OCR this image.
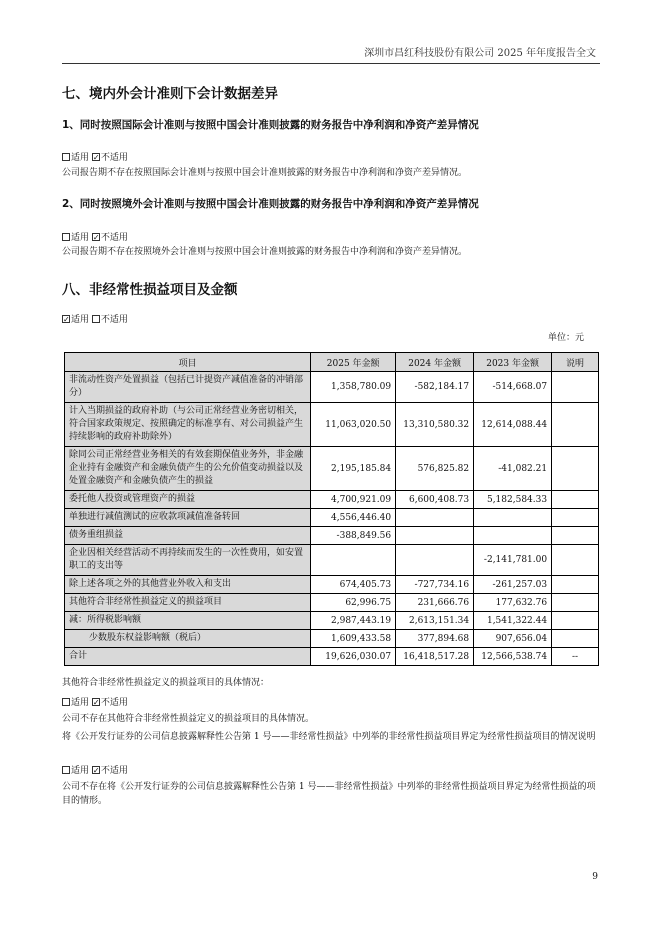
深圳市昌红科技股份有限公司 2025 年年度报告全文
七、境内外会计准则下会计数据差异
1、同时按照国际会计准则与按照中国会计准则披露的财务报告中净利润和净资产差异情况
适用 ✓ 不适用
公司报告期不存在按照国际会计准则与按照中国会计准则披露的财务报告中净利润和净资产差异情况。
2、同时按照境外会计准则与按照中国会计准则披露的财务报告中净利润和净资产差异情况
适用 ✓ 不适用
公司报告期不存在按照境外会计准则与按照中国会计准则披露的财务报告中净利润和净资产差异情况。
八、非经常性损益项目及金额
✓适用 不适用
单位：元
项目	2025 年金额	2024 年金额	2023 年金额	说明
非流动性资产处置损益（包括已计提资产减值准备的冲销部分）	1,358,780.09	-582,184.17	-514,668.07	
计入当期损益的政府补助（与公司正常经营业务密切相关，符合国家政策规定、按照确定的标准享有、对公司损益产生持续影响的政府补助除外）	11,063,020.50	13,310,580.32	12,614,088.44	
除同公司正常经营业务相关的有效套期保值业务外，非金融企业持有金融资产和金融负债产生的公允价值变动损益以及处置金融资产和金融负债产生的损益	2,195,185.84	576,825.82	-41,082.21	
委托他人投资或管理资产的损益	4,700,921.09	6,600,408.73	5,182,584.33	
单独进行减值测试的应收款项减值准备转回	4,556,446.40			
债务重组损益	-388,849.56			
企业因相关经营活动不再持续而发生的一次性费用，如安置职工的支出等			-2,141,781.00	
除上述各项之外的其他营业外收入和支出	674,405.73	-727,734.16	-261,257.03	
其他符合非经常性损益定义的损益项目	62,996.75	231,666.76	177,632.76	
减：所得税影响额	2,987,443.19	2,613,151.34	1,541,322.44	
少数股东权益影响额（税后）	1,609,433.58	377,894.68	907,656.04	
合计	19,626,030.07	16,418,517.28	12,566,538.74	--
其他符合非经常性损益定义的损益项目的具体情况：
适用 ✓ 不适用
公司不存在其他符合非经常性损益定义的损益项目的具体情况。
将《公开发行证券的公司信息披露解释性公告第 1 号——非经常性损益》中列举的非经常性损益项目界定为经常性损益项目的情况说明
适用 ✓ 不适用
公司不存在将《公开发行证券的公司信息披露解释性公告第 1 号——非经常性损益》中列举的非经常性损益项目界定为经常性损益的项目的情形。
9
